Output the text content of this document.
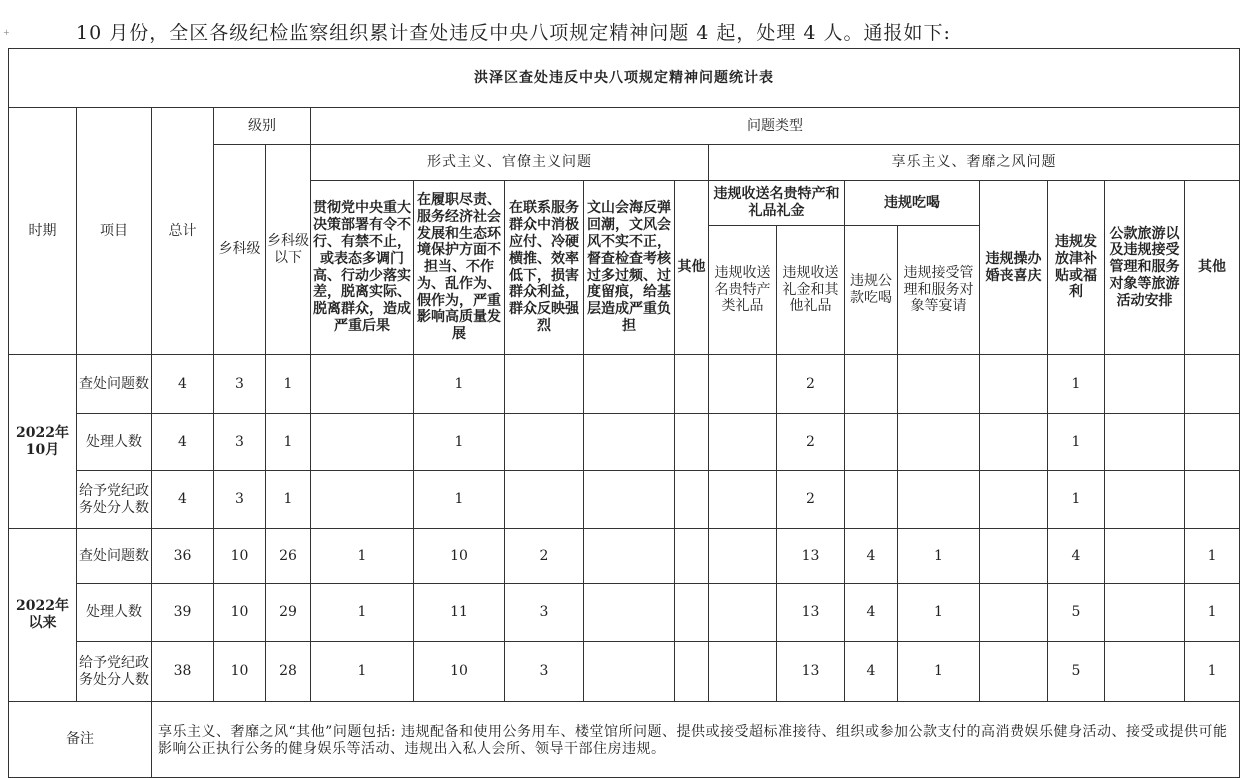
10 月份，全区各级纪检监察组织累计查处违反中央八项规定精神问题 4 起，处理 4 人。通报如下:
+
洪泽区查处违反中央八项规定精神问题统计表																	
时期	项目	总计	级别		问题类型												
			乡科级	乡科级以下	形式主义、官僚主义问题					享乐主义、奢靡之风问题							
					贯彻党中央重大决策部署有令不行、有禁不止，或表态多调门高、行动少落实差，脱离实际、脱离群众，造成严重后果	在履职尽责、服务经济社会发展和生态环境保护方面不担当、不作为、乱作为、假作为，严重影响高质量发展	在联系服务群众中消极应付、冷硬横推、效率低下，损害群众利益，群众反映强烈	文山会海反弹回潮，文风会风不实不正，督查检查考核过多过频、过度留痕，给基层造成严重负担	其他	违规收送名贵特产和礼品礼金		违规吃喝		违规操办婚丧喜庆	违规发放津补贴或福利	公款旅游以及违规接受管理和服务对象等旅游活动安排	其他
										违规收送名贵特产类礼品	违规收送礼金和其他礼品	违规公款吃喝	违规接受管理和服务对象等宴请				

2022年10月	查处问题数	4	3	1		1					2				1		
	处理人数	4	3	1		1					2				1		
	给予党纪政务处分人数	4	3	1		1					2				1		
2022年以来	查处问题数	36	10	26	1	10	2				13	4	1		4		1
	处理人数	39	10	29	1	11	3				13	4	1		5		1
	给予党纪政务处分人数	38	10	28	1	10	3				13	4	1		5		1
备注		享乐主义、奢靡之风“其他”问题包括: 违规配备和使用公务用车、楼堂馆所问题、提供或接受超标准接待、组织或参加公款支付的高消费娱乐健身活动、接受或提供可能影响公正执行公务的健身娱乐等活动、违规出入私人会所、领导干部住房违规。															
